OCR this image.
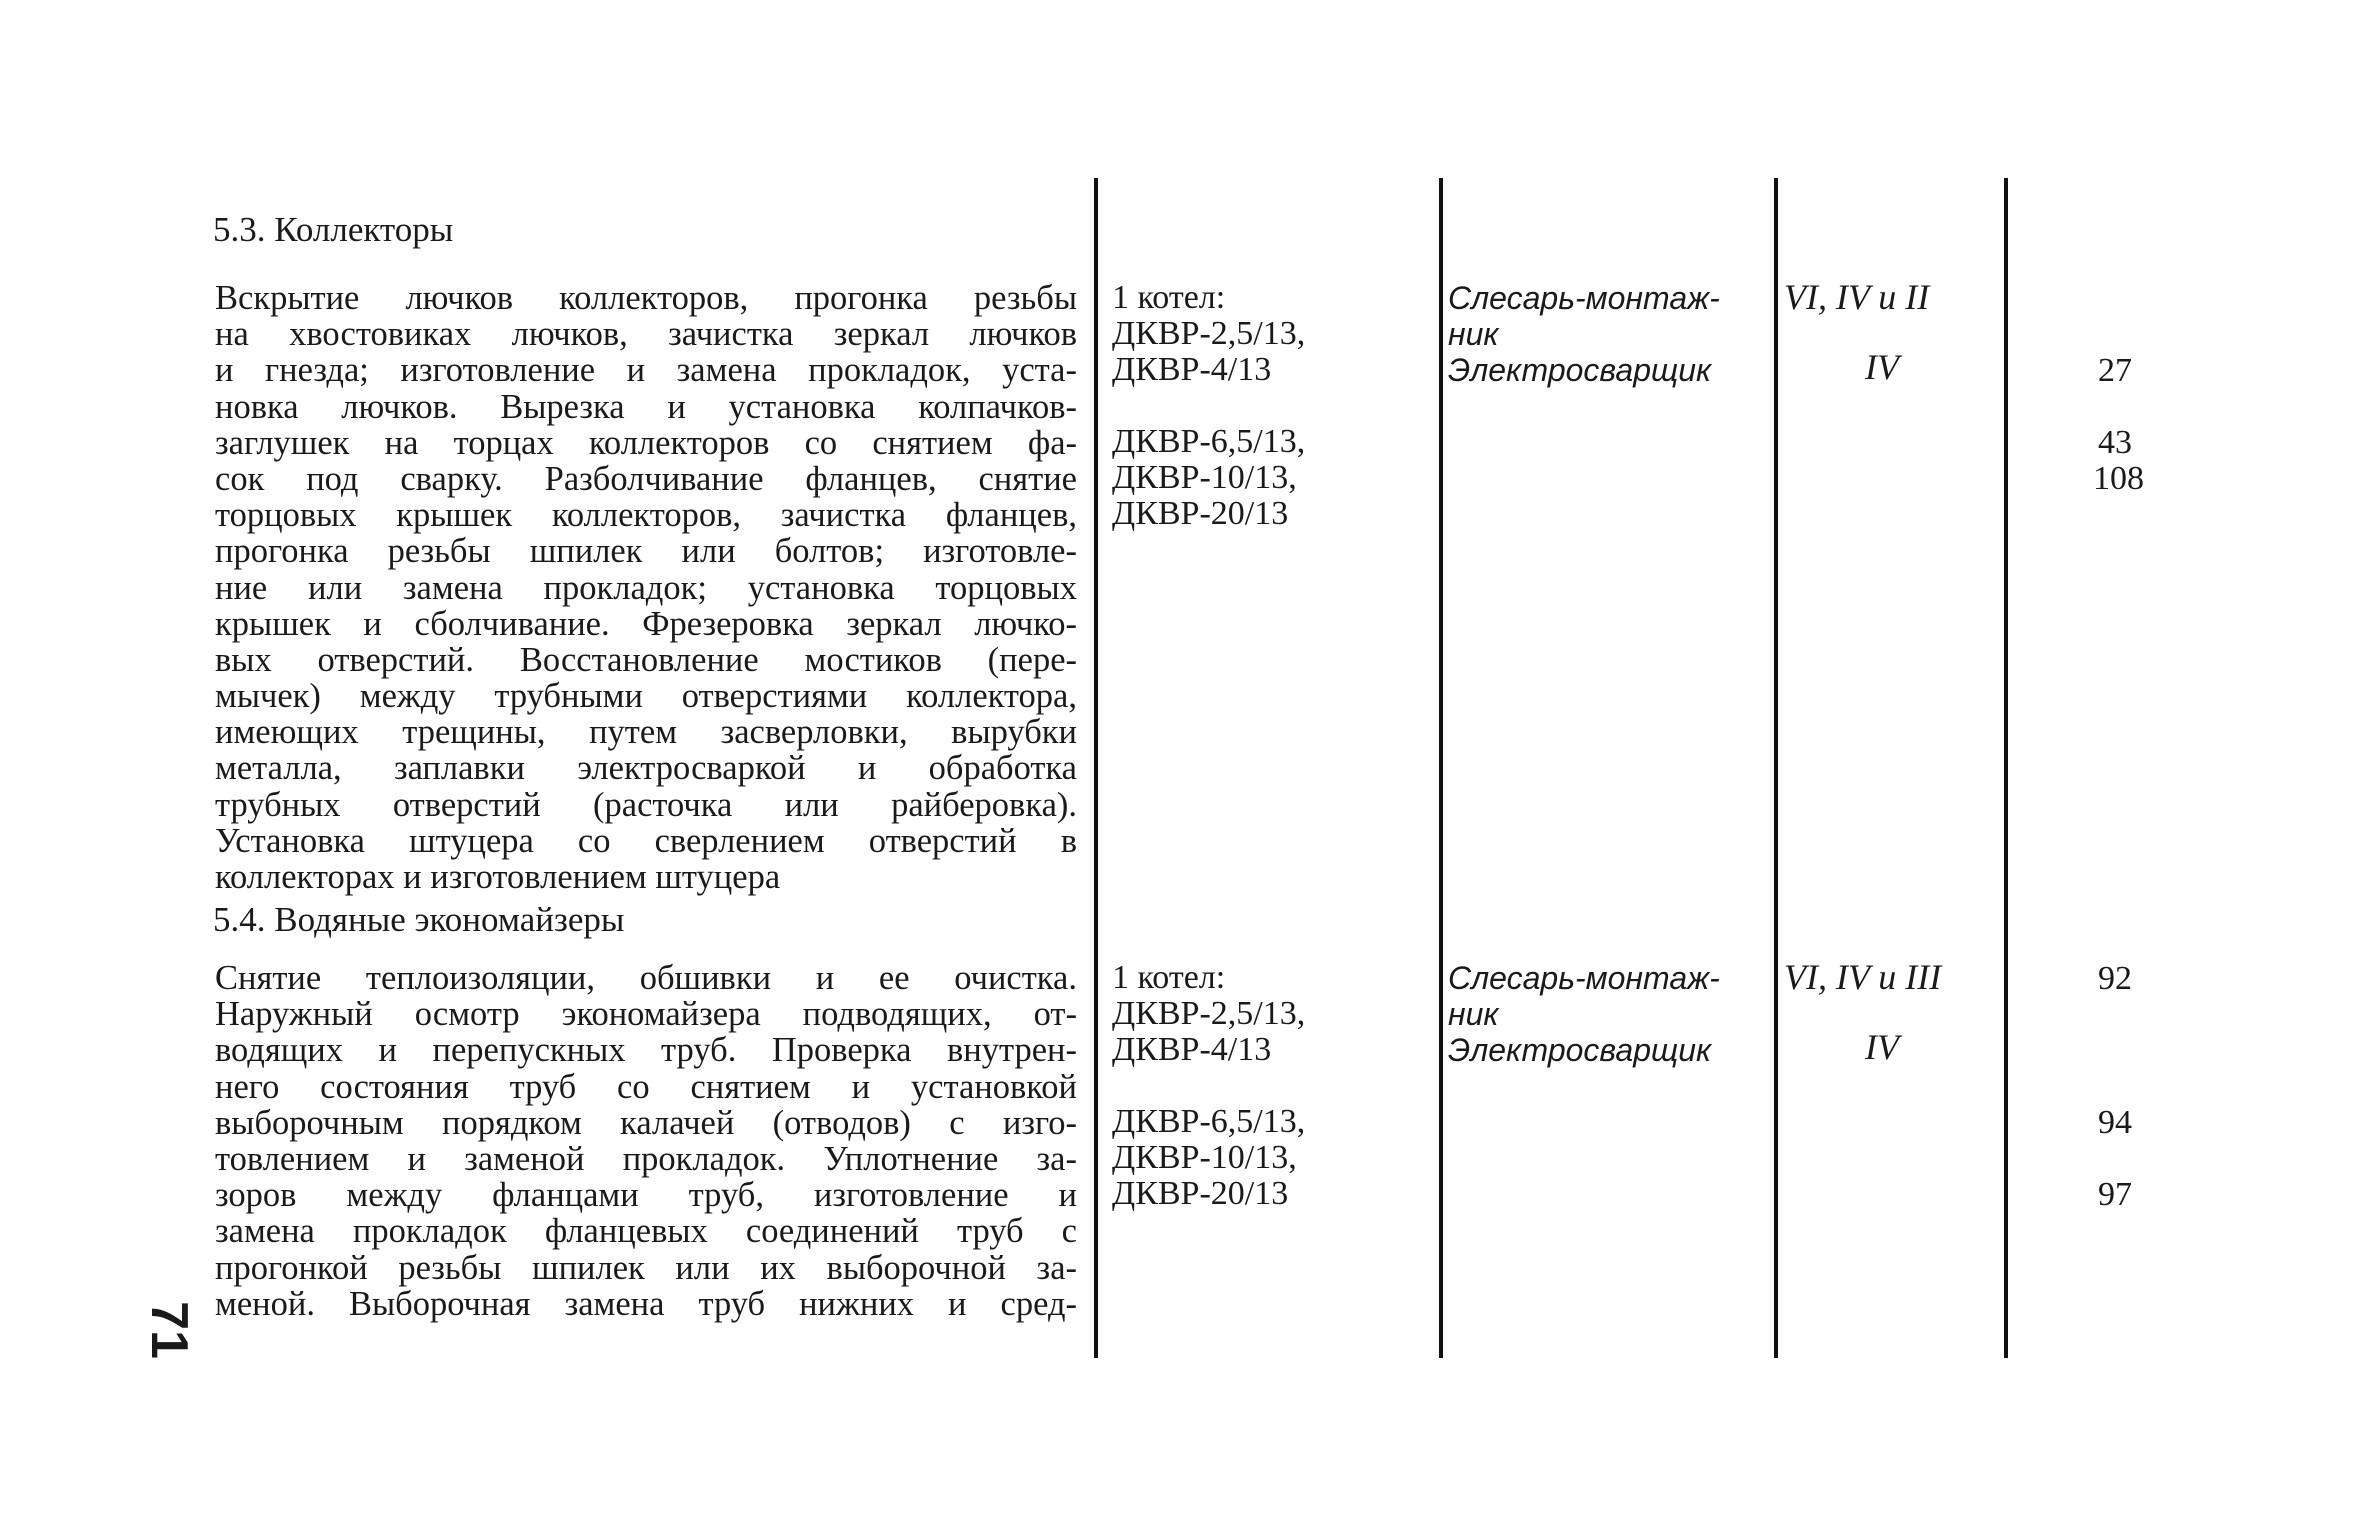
5.3. Коллекторы
Вскрытие лючков коллекторов, прогонка резьбы
на хвостовиках лючков, зачистка зеркал лючков
и гнезда; изготовление и замена прокладок, уста-
новка лючков. Вырезка и установка колпачков-
заглушек на торцах коллекторов со снятием фа-
сок под сварку. Разболчивание фланцев, снятие
торцовых крышек коллекторов, зачистка фланцев,
прогонка резьбы шпилек или болтов; изготовле-
ние или замена прокладок; установка торцовых
крышек и сболчивание. Фрезеровка зеркал лючко-
вых отверстий. Восстановление мостиков (пере-
мычек) между трубными отверстиями коллектора,
имеющих трещины, путем засверловки, вырубки
металла, заплавки электросваркой и обработка
трубных отверстий (расточка или райберовка).
Установка штуцера со сверлением отверстий в
коллекторах и изготовлением штуцера
1 котел:
ДКВР-2,5/13,
ДКВР-4/13
ДКВР-6,5/13,
ДКВР-10/13,
ДКВР-20/13
Слесарь-монтаж-
ник
Электросварщик
VI, IV и II
IV	27
43
108
5.4. Водяные экономайзеры
Снятие теплоизоляции, обшивки и ее очистка.
Наружный осмотр экономайзера подводящих, от-
водящих и перепускных труб. Проверка внутрен-
него состояния труб со снятием и установкой
выборочным порядком калачей (отводов) с изго-
товлением и заменой прокладок. Уплотнение за-
зоров между фланцами труб, изготовление и
замена прокладок фланцевых соединений труб с
прогонкой резьбы шпилек или их выборочной за-
меной. Выборочная замена труб нижних и сред-
1 котел:
ДКВР-2,5/13,
ДКВР-4/13
ДКВР-6,5/13,
ДКВР-10/13,
ДКВР-20/13
Слесарь-монтаж-
ник
Электросварщик
VI, IV и III
IV
92
94
97
71
